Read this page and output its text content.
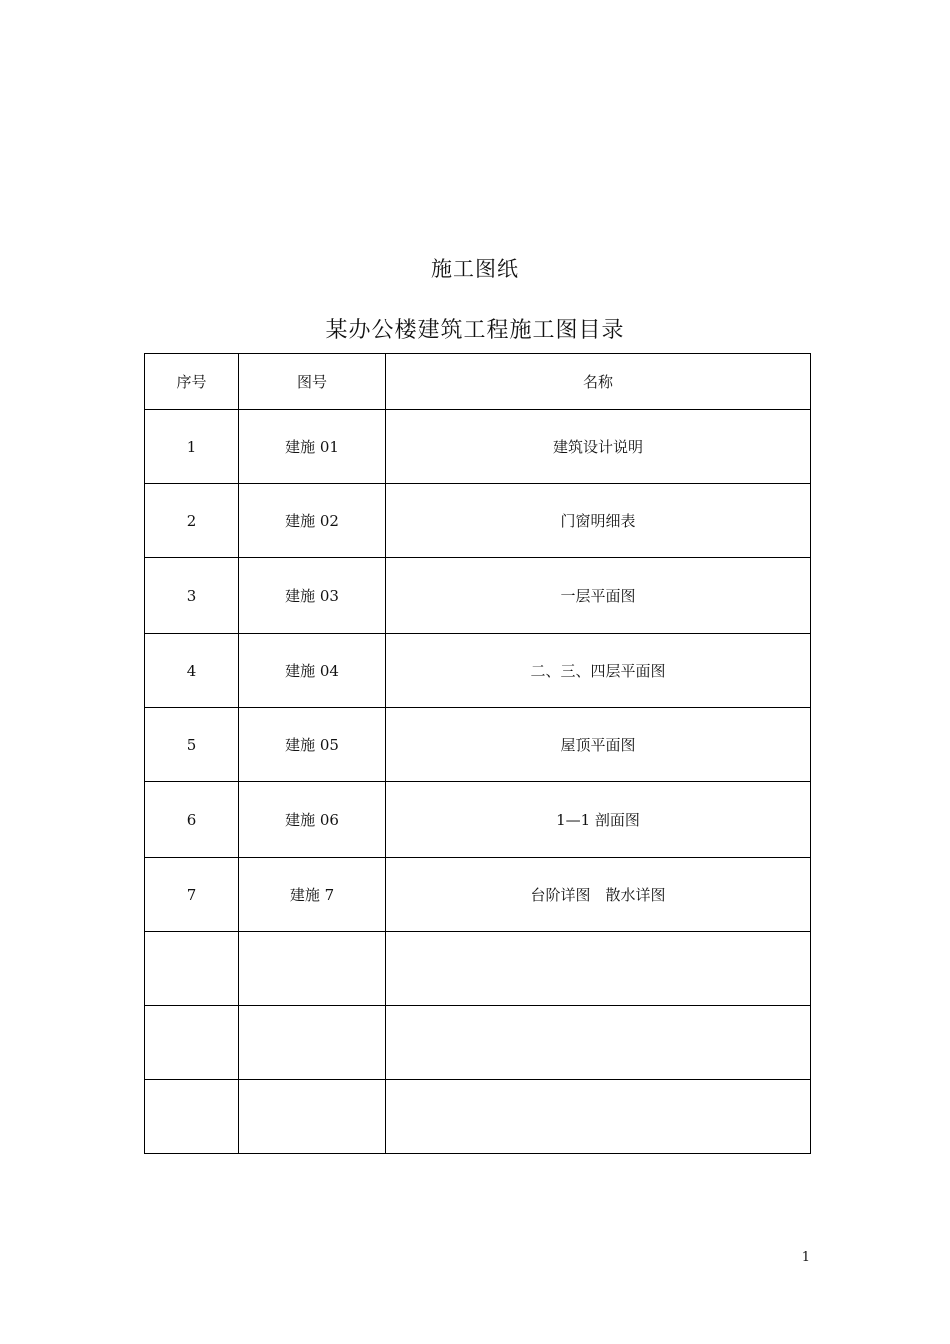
施工图纸
某办公楼建筑工程施工图目录
序号	图号	名称
1	建施 01	建筑设计说明
2	建施 02	门窗明细表
3	建施 03	一层平面图
4	建施 04	二、三、四层平面图
5	建施 05	屋顶平面图
6	建施 06	1—1 剖面图
7	建施 7	台阶详图　散水详图

1
